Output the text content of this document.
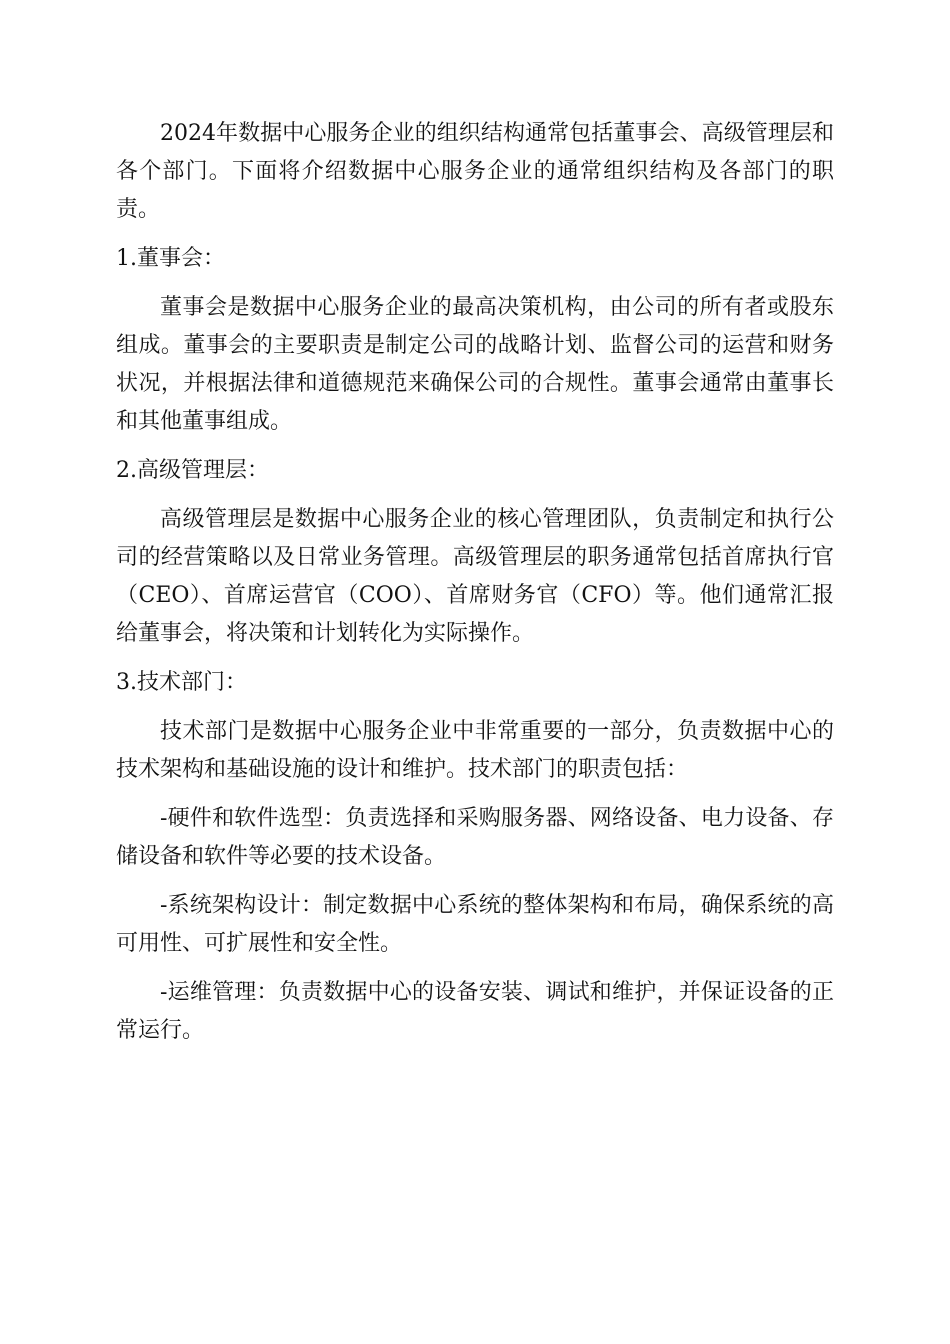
2024年数据中心服务企业的组织结构通常包括董事会、高级管理层和各个部门。下面将介绍数据中心服务企业的通常组织结构及各部门的职责。

1.董事会：

董事会是数据中心服务企业的最高决策机构，由公司的所有者或股东组成。董事会的主要职责是制定公司的战略计划、监督公司的运营和财务状况，并根据法律和道德规范来确保公司的合规性。董事会通常由董事长和其他董事组成。

2.高级管理层：

高级管理层是数据中心服务企业的核心管理团队，负责制定和执行公司的经营策略以及日常业务管理。高级管理层的职务通常包括首席执行官（CEO）、首席运营官（COO）、首席财务官（CFO）等。他们通常汇报给董事会，将决策和计划转化为实际操作。

3.技术部门：

技术部门是数据中心服务企业中非常重要的一部分，负责数据中心的技术架构和基础设施的设计和维护。技术部门的职责包括：

-硬件和软件选型：负责选择和采购服务器、网络设备、电力设备、存储设备和软件等必要的技术设备。

-系统架构设计：制定数据中心系统的整体架构和布局，确保系统的高可用性、可扩展性和安全性。

-运维管理：负责数据中心的设备安装、调试和维护，并保证设备的正常运行。
